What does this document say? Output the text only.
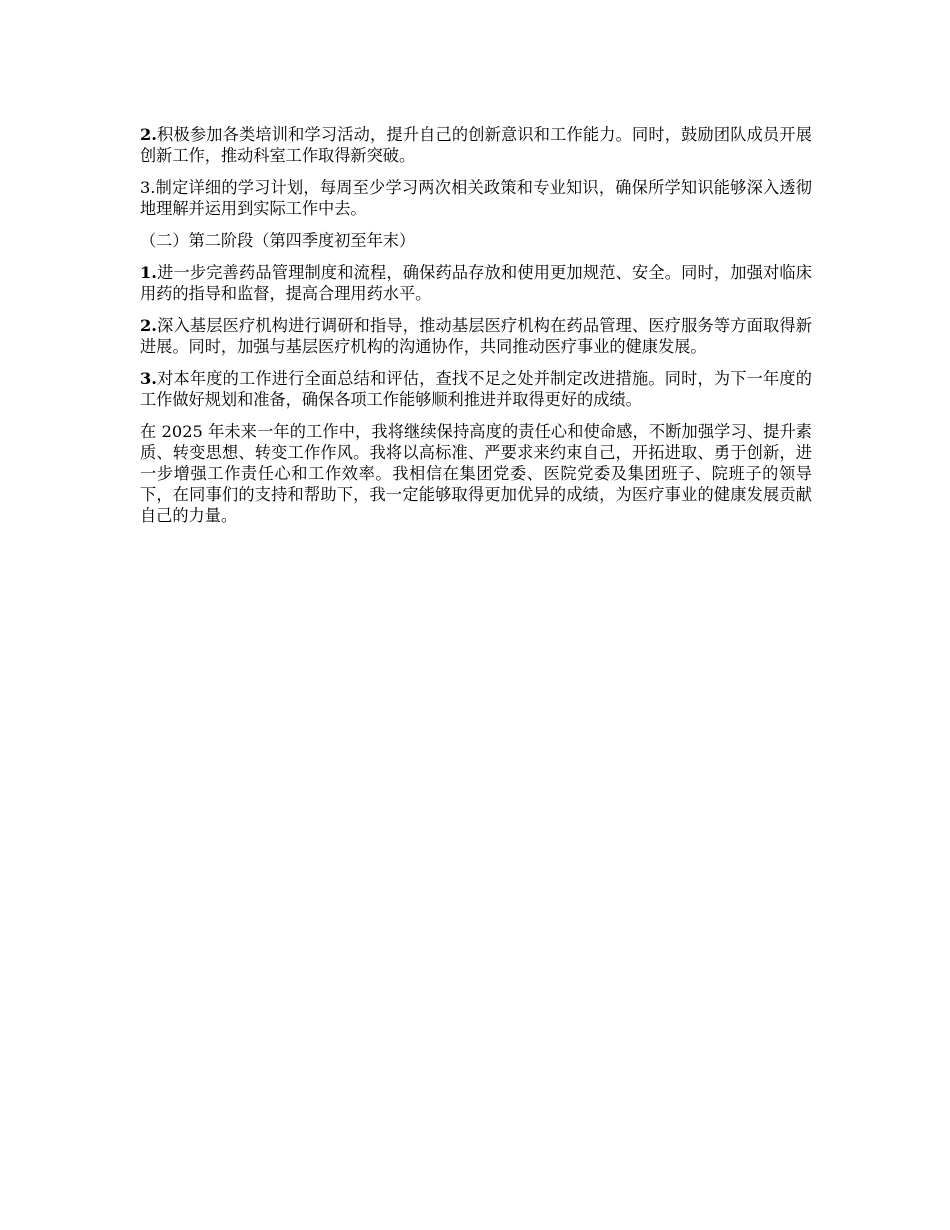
2.积极参加各类培训和学习活动，提升自己的创新意识和工作能力。同时，鼓励团队成员开展创新工作，推动科室工作取得新突破。

3.制定详细的学习计划，每周至少学习两次相关政策和专业知识，确保所学知识能够深入透彻地理解并运用到实际工作中去。

（二）第二阶段（第四季度初至年末）

1.进一步完善药品管理制度和流程，确保药品存放和使用更加规范、安全。同时，加强对临床用药的指导和监督，提高合理用药水平。

2.深入基层医疗机构进行调研和指导，推动基层医疗机构在药品管理、医疗服务等方面取得新进展。同时，加强与基层医疗机构的沟通协作，共同推动医疗事业的健康发展。

3.对本年度的工作进行全面总结和评估，查找不足之处并制定改进措施。同时，为下一年度的工作做好规划和准备，确保各项工作能够顺利推进并取得更好的成绩。

在 2025 年未来一年的工作中，我将继续保持高度的责任心和使命感，不断加强学习、提升素质、转变思想、转变工作作风。我将以高标准、严要求来约束自己，开拓进取、勇于创新，进一步增强工作责任心和工作效率。我相信在集团党委、医院党委及集团班子、院班子的领导下，在同事们的支持和帮助下，我一定能够取得更加优异的成绩，为医疗事业的健康发展贡献自己的力量。
